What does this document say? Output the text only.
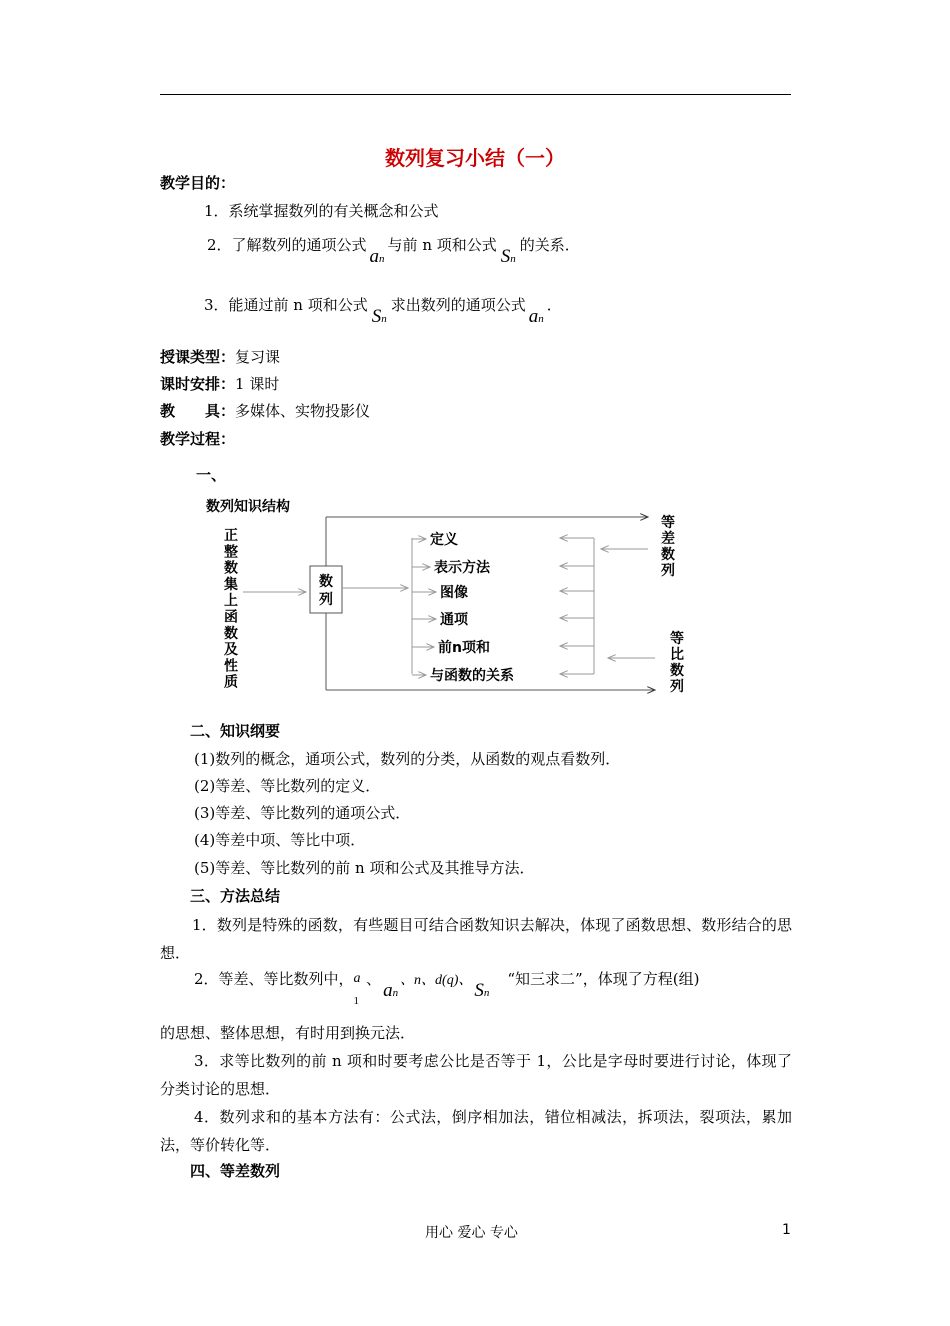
数列复习小结（一）
教学目的：
1．系统掌握数列的有关概念和公式
2．了解数列的通项公式an与前 n 项和公式Sn的关系．
3．能通过前 n 项和公式Sn求出数列的通项公式an．
授课类型：复习课
课时安排：1 课时
教　　具：多媒体、实物投影仪
教学过程：
一、
数列知识结构
正
整
数
集
上
函
数
及
性
质
数
列
定义
表示方法
图像
通项
前n项和
与函数的关系
等
差
数
列
等
比
数
列
二、知识纲要
(1)数列的概念，通项公式，数列的分类，从函数的观点看数列．
(2)等差、等比数列的定义．
(3)等差、等比数列的通项公式．
(4)等差中项、等比中项．
(5)等差、等比数列的前 n 项和公式及其推导方法．
三、方法总结
1．数列是特殊的函数，有些题目可结合函数知识去解决，体现了函数思想、数形结合的思想．
2．等差、等比数列中，$a_1$、an、n、d(q)、 Sn“知三求二”，体现了方程(组)
的思想、整体思想，有时用到换元法．
3．求等比数列的前 n 项和时要考虑公比是否等于 1，公比是字母时要进行讨论，体现了分类讨论的思想．
4．数列求和的基本方法有：公式法，倒序相加法，错位相减法，拆项法，裂项法，累加法，等价转化等．
四、等差数列
用心 爱心 专心	1
